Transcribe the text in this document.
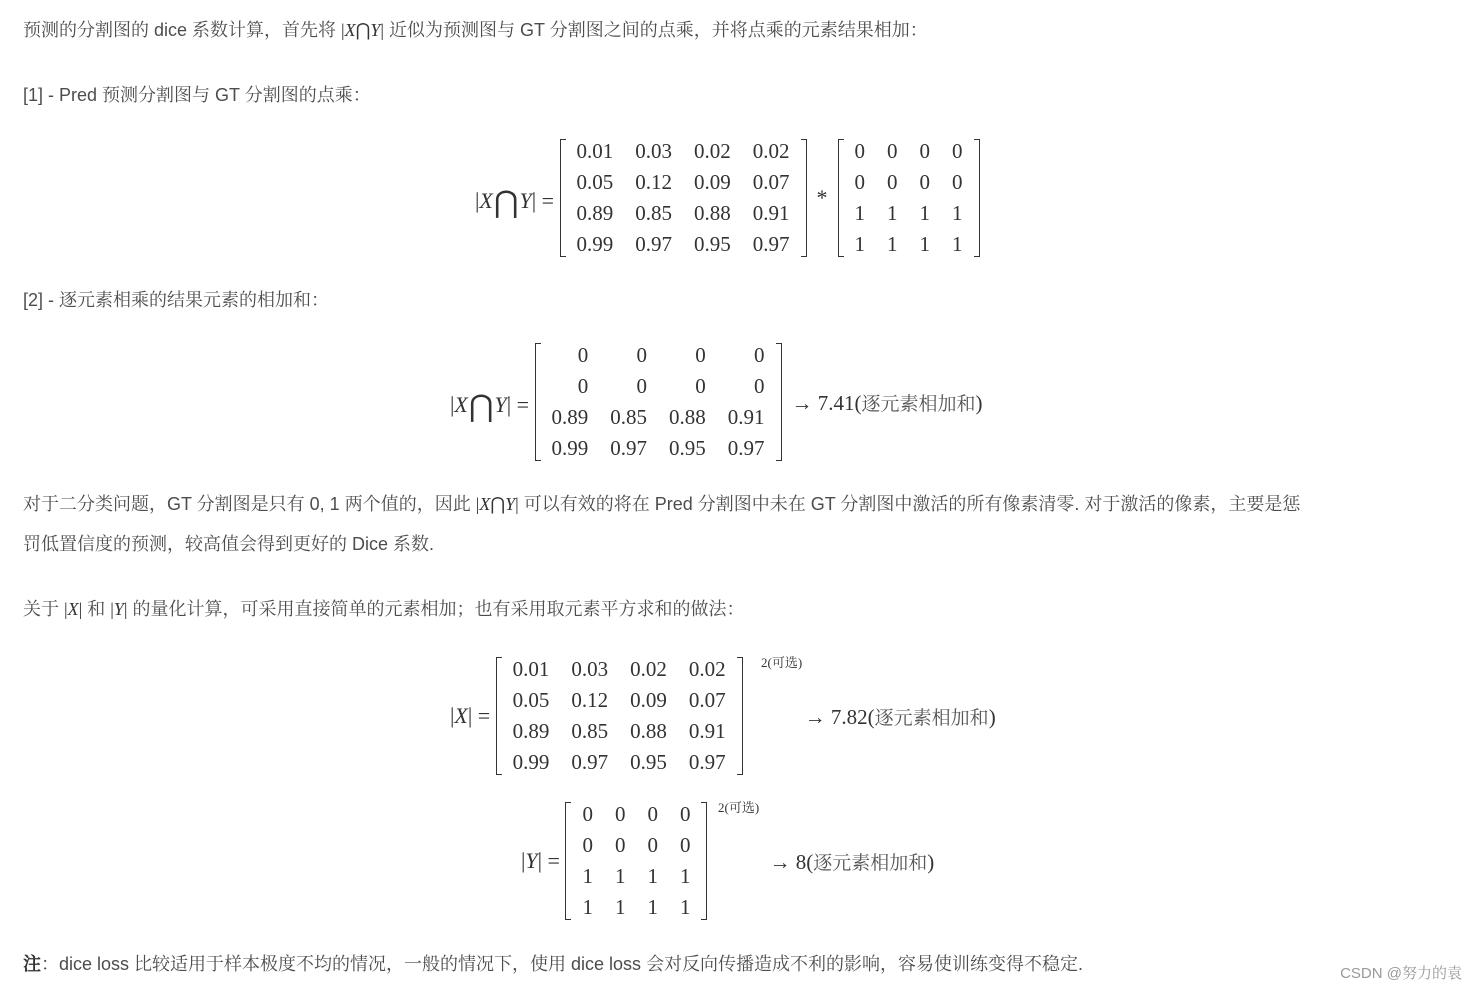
预测的分割图的 dice 系数计算，首先将 |X⋂Y| 近似为预测图与 GT 分割图之间的点乘，并将点乘的元素结果相加：
[1] - Pred 预测分割图与 GT 分割图的点乘：
|X⋂Y| =
0.01	0.03	0.02	0.02
0.05	0.12	0.09	0.07
0.89	0.85	0.88	0.91
0.99	0.97	0.95	0.97
*
0	0	0	0
0	0	0	0
1	1	1	1
1	1	1	1
[2] - 逐元素相乘的结果元素的相加和：
|X⋂Y| =
0	0	0	0
0	0	0	0
0.89	0.85	0.88	0.91
0.99	0.97	0.95	0.97
→ 7.41(逐元素相加和)
对于二分类问题，GT 分割图是只有 0, 1 两个值的，因此 |X⋂Y| 可以有效的将在 Pred 分割图中未在 GT 分割图中激活的所有像素清零. 对于激活的像素，主要是惩
罚低置信度的预测，较高值会得到更好的 Dice 系数.
关于 |X| 和 |Y| 的量化计算，可采用直接简单的元素相加；也有采用取元素平方求和的做法：
|X| =
0.01	0.03	0.02	0.02
0.05	0.12	0.09	0.07
0.89	0.85	0.88	0.91
0.99	0.97	0.95	0.97
→ 7.82(逐元素相加和)
2(可选)
|Y| =
0	0	0	0
0	0	0	0
1	1	1	1
1	1	1	1
→ 8(逐元素相加和)
2(可选)
注：dice loss 比较适用于样本极度不均的情况，一般的情况下，使用 dice loss 会对反向传播造成不利的影响，容易使训练变得不稳定.	CSDN @努力的袁
